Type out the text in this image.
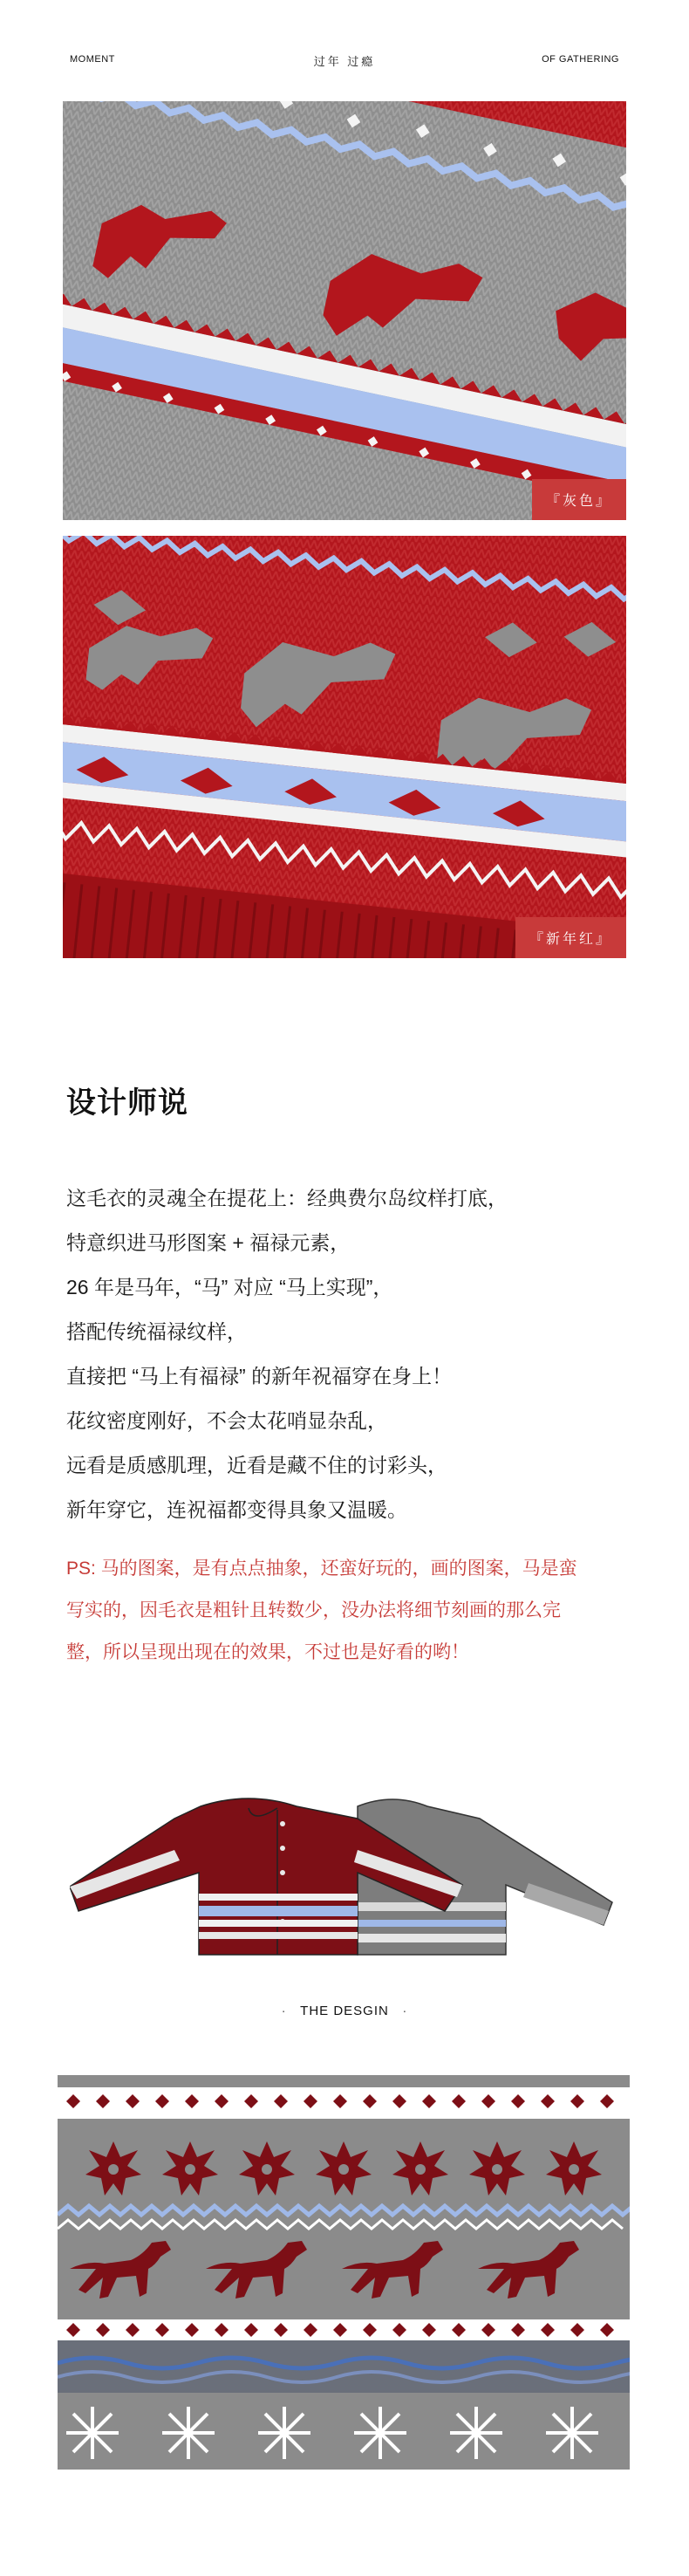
MOMENT	过年 过瘾	OF GATHERING
『灰色』
『新年红』
设计师说
这毛衣的灵魂全在提花上：经典费尔岛纹样打底，
特意织进马形图案 + 福禄元素，
26 年是马年，“马” 对应 “马上实现”，
搭配传统福禄纹样，
直接把 “马上有福禄” 的新年祝福穿在身上！
花纹密度刚好，不会太花哨显杂乱，
远看是质感肌理，近看是藏不住的讨彩头，
新年穿它，连祝福都变得具象又温暖。
PS: 马的图案，是有点点抽象，还蛮好玩的，画的图案，马是蛮
写实的，因毛衣是粗针且转数少，没办法将细节刻画的那么完
整，所以呈现出现在的效果，不过也是好看的哟！
· THE DESGIN ·
